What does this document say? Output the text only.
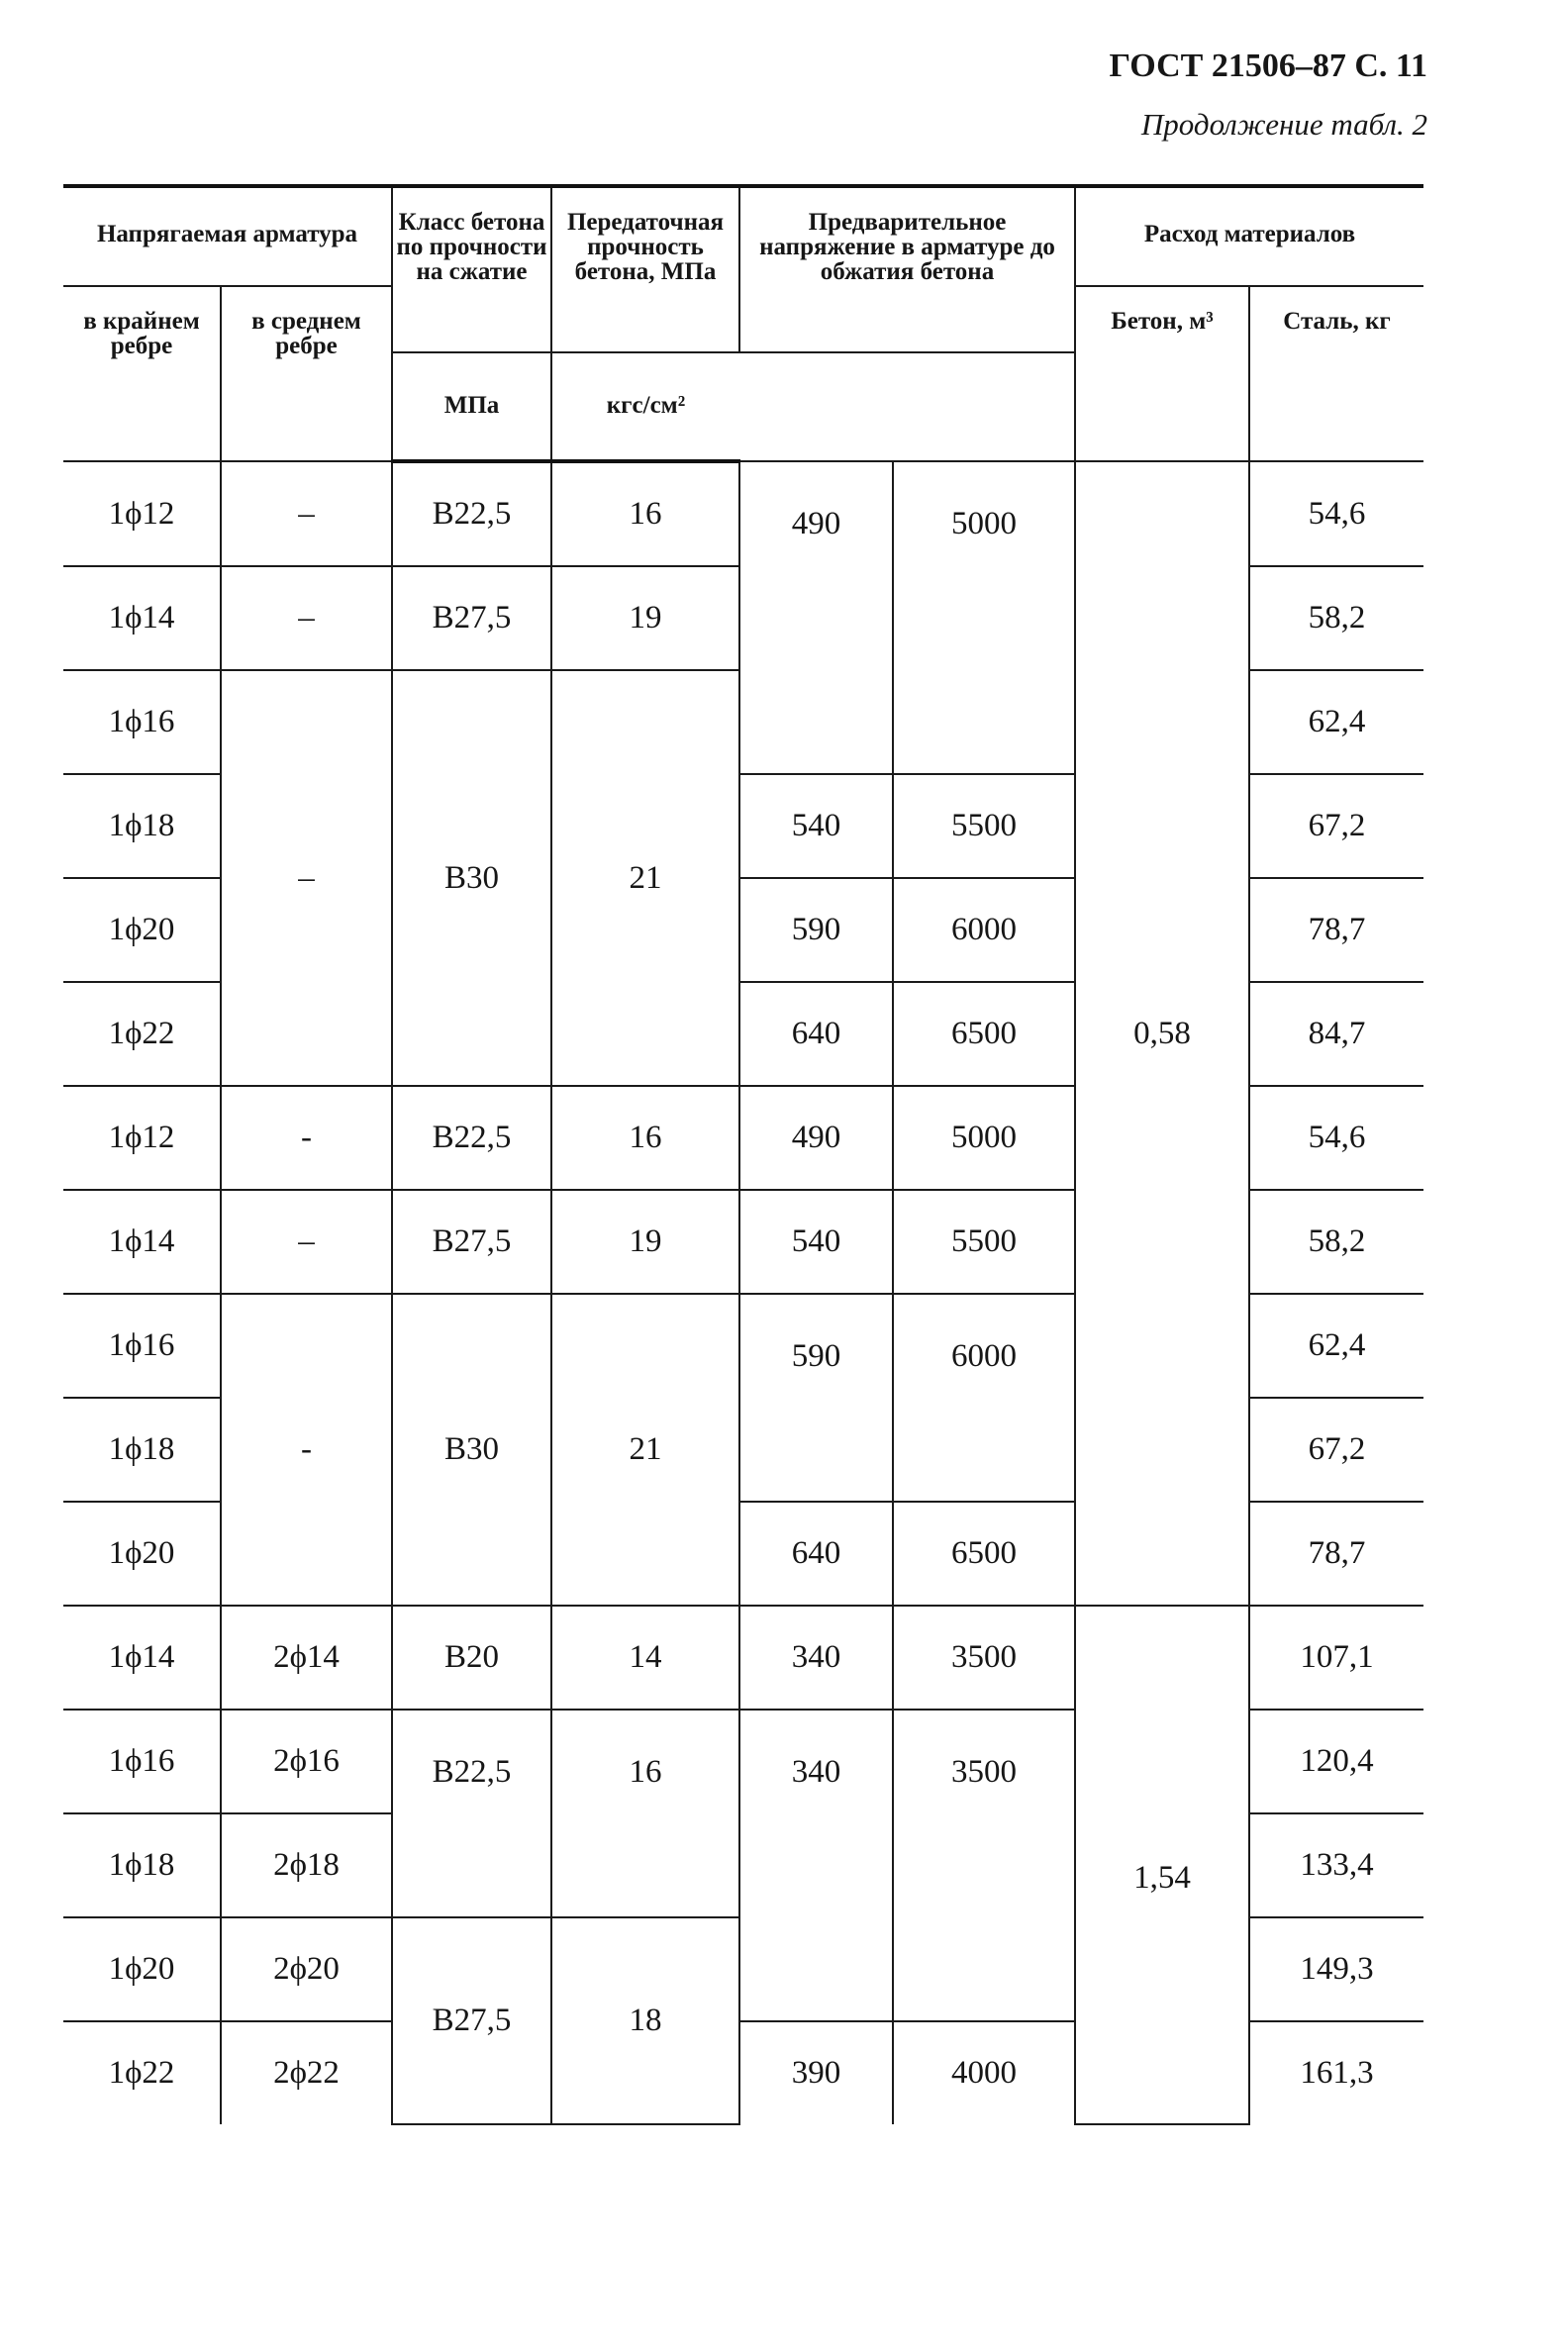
ГОСТ 21506–87 С. 11
Продолжение табл. 2
Напрягаемая арматура		Класс бетона по прочности на сжатие	Передаточная прочность бетона, МПа	Предварительное напряжение в арматуре до обжатия бетона		Расход материалов	
в крайнем ребре	в среднем ребре					Бетон, м³	Сталь, кг
		МПа	кгс/см²				
1ϕ12	–	В22,5	16	490	5000	0,58	54,6
1ϕ14	–	В27,5	19				58,2
1ϕ16	–	В30	21				62,4
1ϕ18				540	5500		67,2
1ϕ20				590	6000		78,7
1ϕ22				640	6500		84,7
1ϕ12	-	В22,5	16	490	5000		54,6
1ϕ14	–	В27,5	19	540	5500		58,2
1ϕ16	-	В30	21	590	6000		62,4
1ϕ18							67,2
1ϕ20				640	6500		78,7
1ϕ14	2ϕ14	В20	14	340	3500	1,54	107,1
1ϕ16	2ϕ16	В22,5	16	340	3500		120,4
1ϕ18	2ϕ18						133,4
1ϕ20	2ϕ20	В27,5	18				149,3
1ϕ22	2ϕ22			390	4000		161,3
